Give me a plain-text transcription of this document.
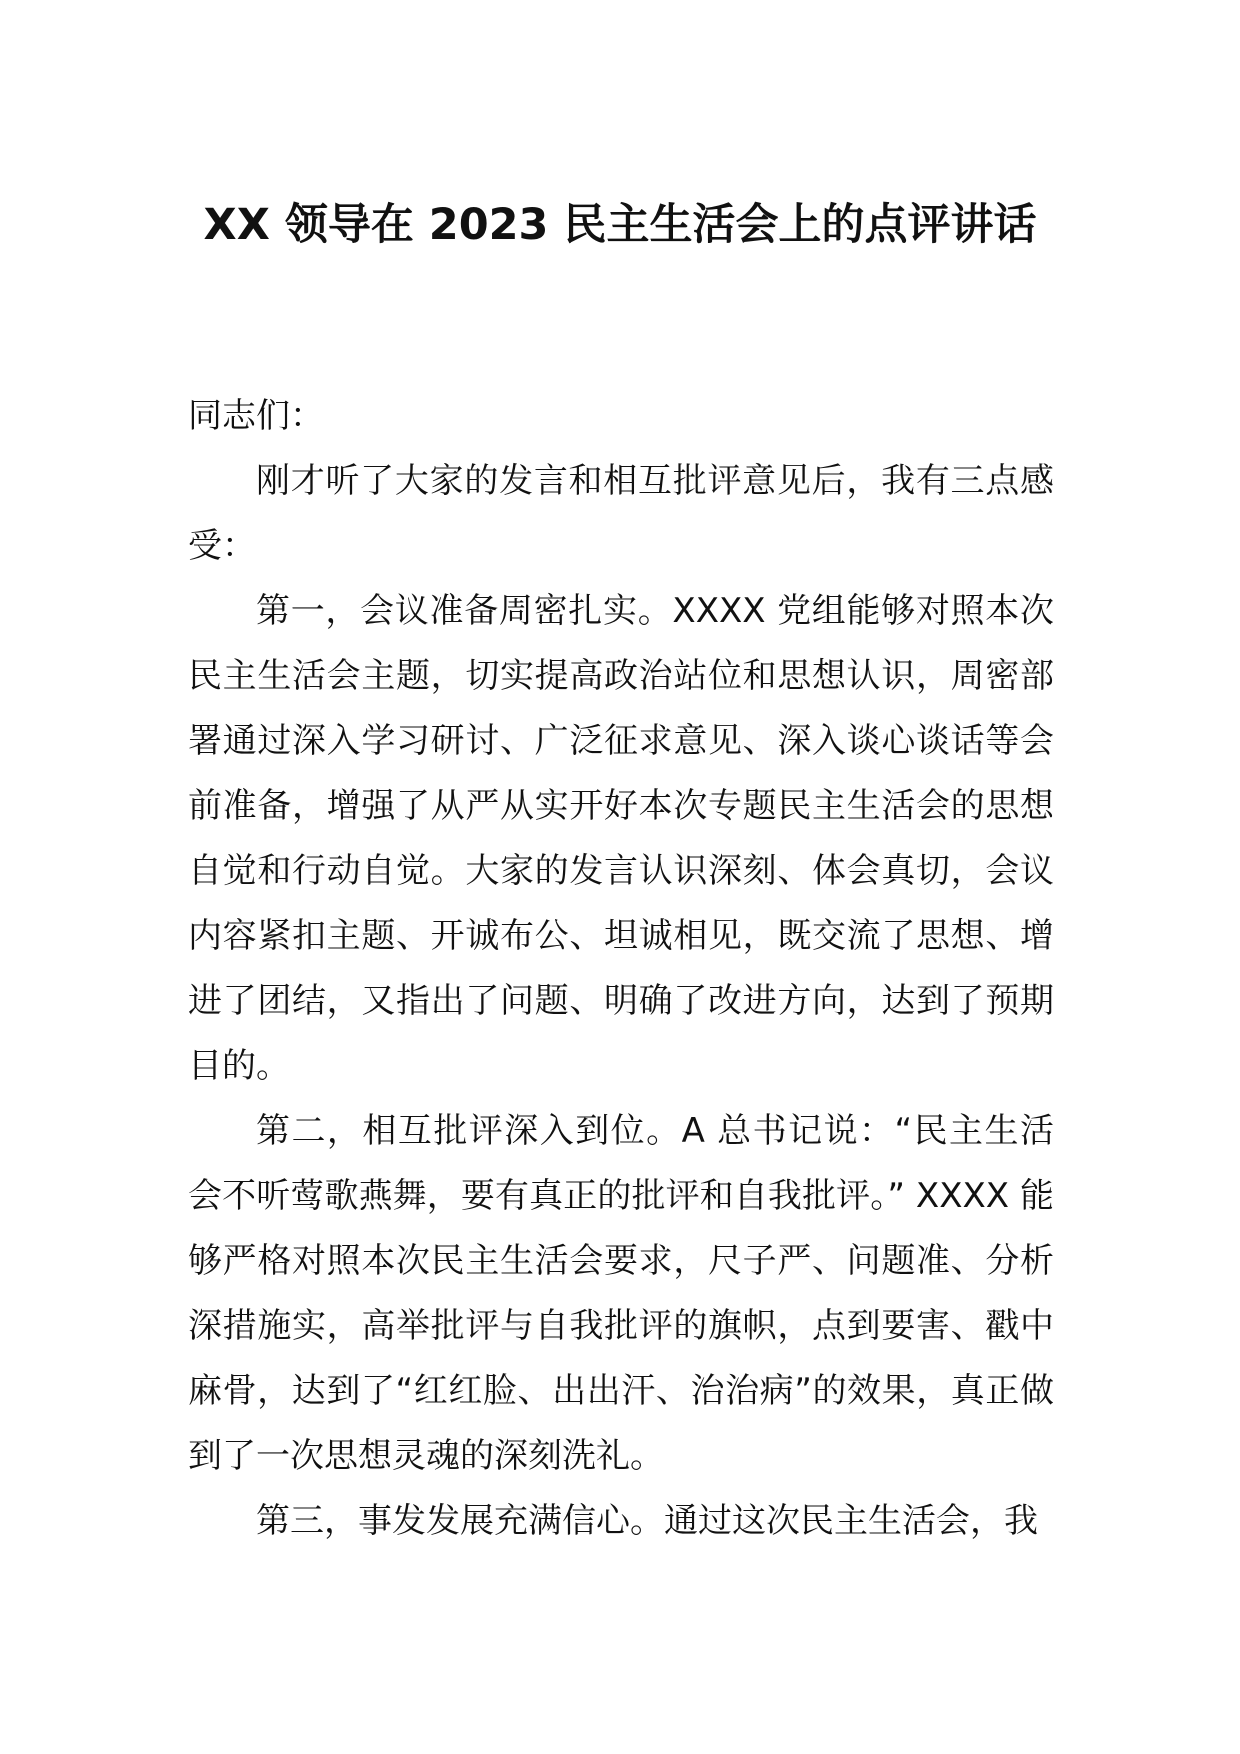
XX 领导在 2023 民主生活会上的点评讲话

同志们：

刚才听了大家的发言和相互批评意见后，我有三点感受：

第一，会议准备周密扎实。XXXX 党组能够对照本次民主生活会主题，切实提高政治站位和思想认识，周密部署通过深入学习研讨、广泛征求意见、深入谈心谈话等会前准备，增强了从严从实开好本次专题民主生活会的思想自觉和行动自觉。大家的发言认识深刻、体会真切，会议内容紧扣主题、开诚布公、坦诚相见，既交流了思想、增进了团结，又指出了问题、明确了改进方向，达到了预期目的。

第二，相互批评深入到位。A 总书记说：“民主生活会不听莺歌燕舞，要有真正的批评和自我批评。” XXXX 能够严格对照本次民主生活会要求，尺子严、问题准、分析深措施实，高举批评与自我批评的旗帜，点到要害、戳中麻骨，达到了“红红脸、出出汗、治治病”的效果，真正做到了一次思想灵魂的深刻洗礼。

第三，事发发展充满信心。通过这次民主生活会，我
